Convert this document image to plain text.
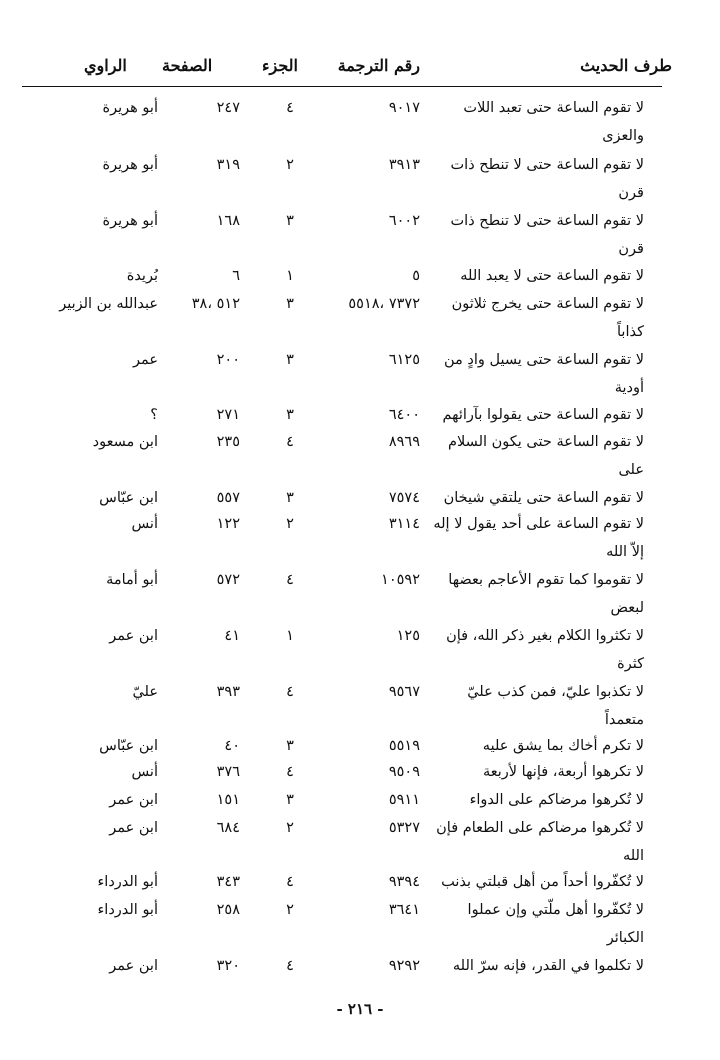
طرف الحديث
رقم الترجمة
الجزء
الصفحة
الراوي
لا تقوم الساعة حتى تعبد اللات
٩٠١٧
٤
٢٤٧
أبو هريرة
والعزى
لا تقوم الساعة حتى لا تنطح ذات
٣٩١٣
٢
٣١٩
أبو هريرة
قرن
لا تقوم الساعة حتى لا تنطح ذات
٦٠٠٢
٣
١٦٨
أبو هريرة
قرن
لا تقوم الساعة حتى لا يعبد الله
٥
١
٦
بُريدة
لا تقوم الساعة حتى يخرج ثلاثون
٧٣٧٢ ،٥٥١٨
٣
٥١٢ ،٣٨
عبدالله بن الزبير
كذاباً
لا تقوم الساعة حتى يسيل وادٍ من
٦١٢٥
٣
٢٠٠
عمر
أودية
لا تقوم الساعة حتى يقولوا بآرائهم
٦٤٠٠
٣
٢٧١
؟
لا تقوم الساعة حتى يكون السلام
٨٩٦٩
٤
٢٣٥
ابن مسعود
على
لا تقوم الساعة حتى يلتقي شيخان
٧٥٧٤
٣
٥٥٧
ابن عبّاس
لا تقوم الساعة على أحد يقول لا إله
٣١١٤
٢
١٢٢
أنس
إلاّ الله
لا تقوموا كما تقوم الأعاجم بعضها
١٠٥٩٢
٤
٥٧٢
أبو أمامة
لبعض
لا تكثروا الكلام بغير ذكر الله، فإن
١٢٥
١
٤١
ابن عمر
كثرة
لا تكذبوا عليّ، فمن كذب عليّ
٩٥٦٧
٤
٣٩٣
عليّ
متعمداً
لا تكرم أخاك بما يشق عليه
٥٥١٩
٣
٤٠
ابن عبّاس
لا تكرهوا أربعة، فإنها لأربعة
٩٥٠٩
٤
٣٧٦
أنس
لا تُكرهوا مرضاكم على الدواء
٥٩١١
٣
١٥١
ابن عمر
لا تُكرهوا مرضاكم على الطعام فإن
٥٣٢٧
٢
٦٨٤
ابن عمر
الله
لا تُكفّروا أحداً من أهل قبلتي بذنب
٩٣٩٤
٤
٣٤٣
أبو الدرداء
لا تُكفّروا أهل ملّتي وإن عملوا
٣٦٤١
٢
٢٥٨
أبو الدرداء
الكبائر
لا تكلموا في القدر، فإنه سرّ الله
٩٢٩٢
٤
٣٢٠
ابن عمر
- ٢١٦ -
